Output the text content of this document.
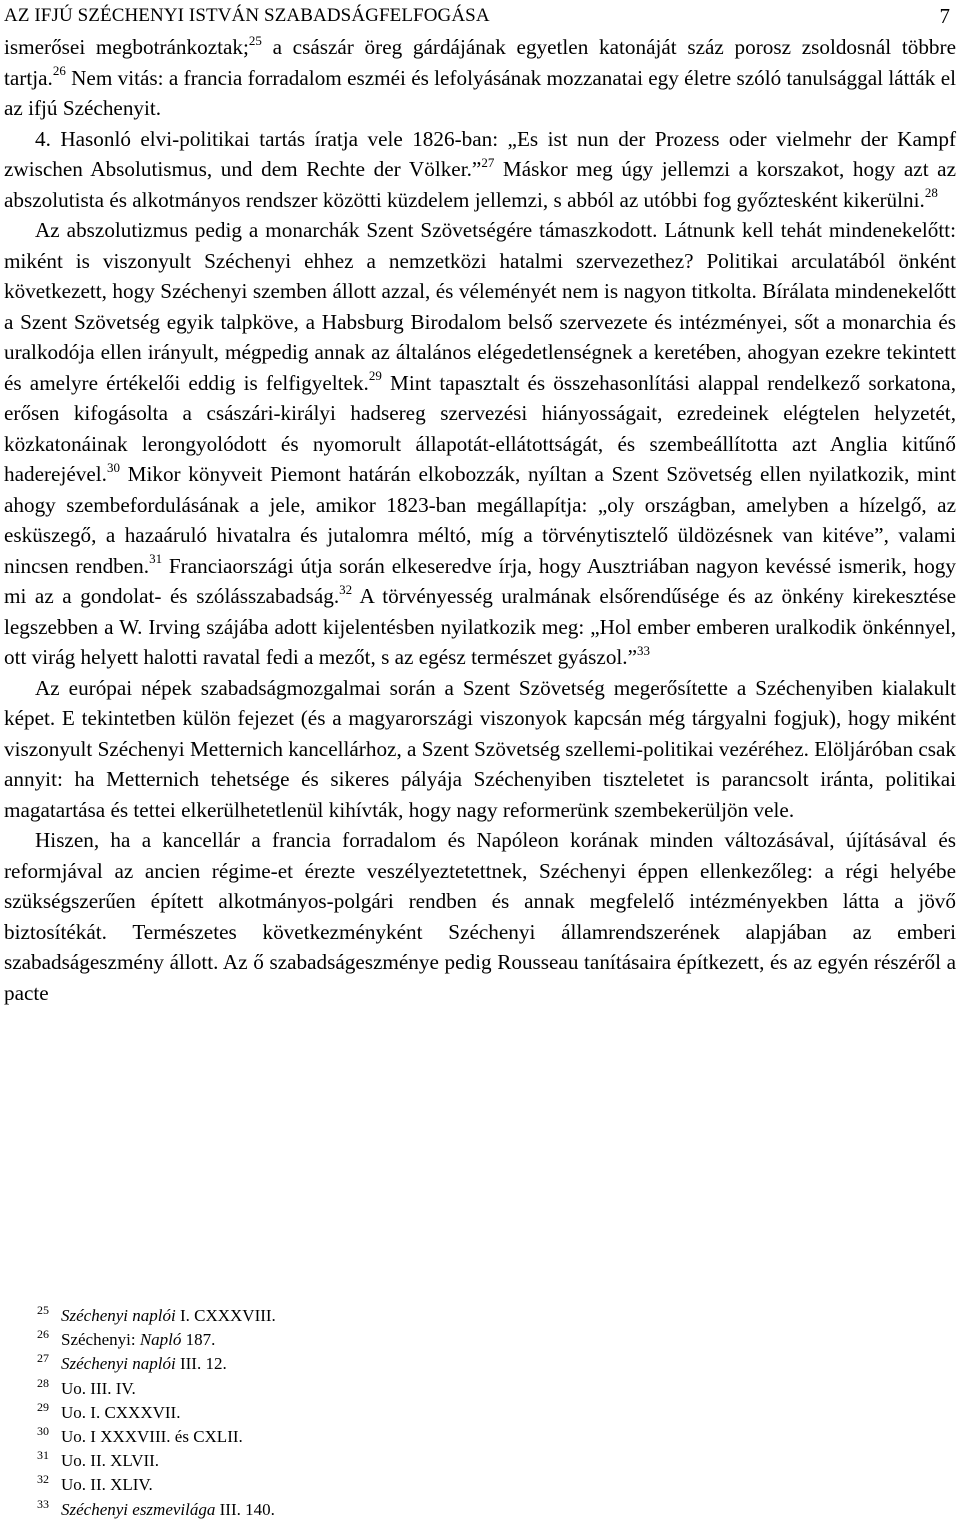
AZ IFJÚ SZÉCHENYI ISTVÁN SZABADSÁGFELFOGÁSA	7

ismerősei megbotránkoztak;$^{25}$ a császár öreg gárdájának egyetlen katonáját száz porosz zsoldosnál többre tartja.$^{26}$ Nem vitás: a francia forradalom eszméi és lefolyásának mozzanatai egy életre szóló tanulsággal látták el az ifjú Széchenyit.

4. Hasonló elvi-politikai tartás íratja vele 1826-ban: „Es ist nun der Prozess oder vielmehr der Kampf zwischen Absolutismus, und dem Rechte der Völker.”$^{27}$ Máskor meg úgy jellemzi a korszakot, hogy azt az abszolutista és alkotmányos rendszer közötti küzdelem jellemzi, s abból az utóbbi fog győztesként kikerülni.$^{28}$

Az abszolutizmus pedig a monarchák Szent Szövetségére támaszkodott. Látnunk kell tehát mindenekelőtt: miként is viszonyult Széchenyi ehhez a nemzetközi hatalmi szervezethez? Politikai arculatából önként következett, hogy Széchenyi szemben állott azzal, és véleményét nem is nagyon titkolta. Bírálata mindenekelőtt a Szent Szövetség egyik talpköve, a Habsburg Birodalom belső szervezete és intézményei, sőt a monarchia és uralkodója ellen irányult, mégpedig annak az általános elégedetlenségnek a keretében, ahogyan ezekre tekintett és amelyre értékelői eddig is felfigyeltek.$^{29}$ Mint tapasztalt és összehasonlítási alappal rendelkező sorkatona, erősen kifogásolta a császári-királyi hadsereg szervezési hiányosságait, ezredeinek elégtelen helyzetét, közkatonáinak lerongyolódott és nyomorult állapotát-ellátottságát, és szembeállította azt Anglia kitűnő haderejével.$^{30}$ Mikor könyveit Piemont határán elkobozzák, nyíltan a Szent Szövetség ellen nyilatkozik, mint ahogy szembefordulásának a jele, amikor 1823-ban megállapítja: „oly országban, amelyben a hízelgő, az esküszegő, a hazaáruló hivatalra és jutalomra méltó, míg a törvénytisztelő üldözésnek van kitéve”, valami nincsen rendben.$^{31}$ Franciaországi útja során elkeseredve írja, hogy Ausztriában nagyon kevéssé ismerik, hogy mi az a gondolat- és szólásszabadság.$^{32}$ A törvényesség uralmának elsőrendűsége és az önkény kirekesztése legszebben a W. Irving szájába adott kijelentésben nyilatkozik meg: „Hol ember emberen uralkodik önkénnyel, ott virág helyett halotti ravatal fedi a mezőt, s az egész természet gyászol.”$^{33}$

Az európai népek szabadságmozgalmai során a Szent Szövetség megerősítette a Széchenyiben kialakult képet. E tekintetben külön fejezet (és a magyarországi viszonyok kapcsán még tárgyalni fogjuk), hogy miként viszonyult Széchenyi Metternich kancellárhoz, a Szent Szövetség szellemi-politikai vezéréhez. Elöljáróban csak annyit: ha Metternich tehetsége és sikeres pályája Széchenyiben tiszteletet is parancsolt iránta, politikai magatartása és tettei elkerülhetetlenül kihívták, hogy nagy reformerünk szembekerüljön vele.

Hiszen, ha a kancellár a francia forradalom és Napóleon korának minden változásával, újításával és reformjával az ancien régime-et érezte veszélyeztetettnek, Széchenyi éppen ellenkezőleg: a régi helyébe szükségszerűen épített alkotmányos-polgári rendben és annak megfelelő intézményekben látta a jövő biztosítékát. Természetes következményként Széchenyi államrendszerének alapjában az emberi szabadságeszmény állott. Az ő szabadságeszménye pedig Rousseau tanításaira építkezett, és az egyén részéről a pacte

25 Széchenyi naplói I. CXXXVIII.
26 Széchenyi: Napló 187.
27 Széchenyi naplói III. 12.
28 Uo. III. IV.
29 Uo. I. CXXXVII.
30 Uo. I XXXVIII. és CXLII.
31 Uo. II. XLVII.
32 Uo. II. XLIV.
33 Széchenyi eszmevilága III. 140.
